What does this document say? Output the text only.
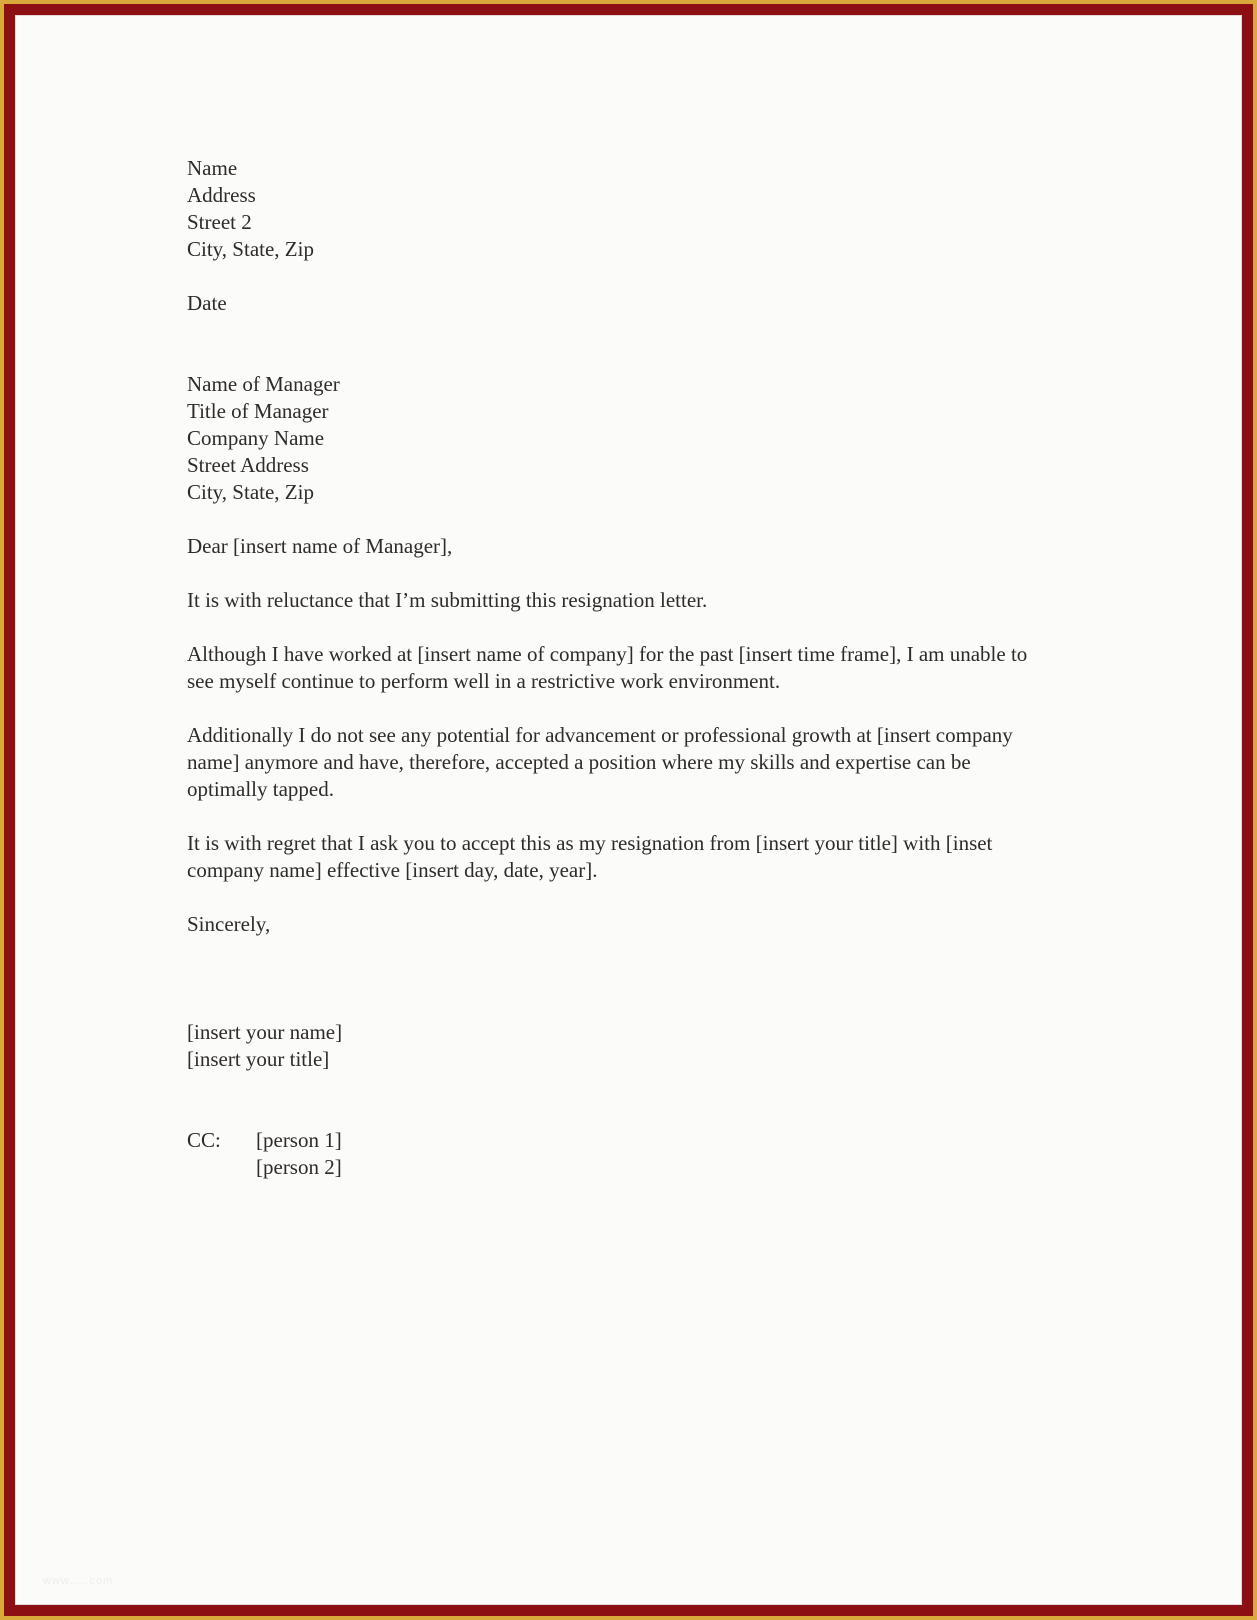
Name
Address
Street 2
City, State, Zip
Date
Name of Manager
Title of Manager
Company Name
Street Address
City, State, Zip

Dear [insert name of Manager],

It is with reluctance that I’m submitting this resignation letter.

Although I have worked at [insert name of company] for the past [insert time frame], I am unable to see myself continue to perform well in a restrictive work environment.

Additionally I do not see any potential for advancement or professional growth at [insert company name] anymore and have, therefore, accepted a position where my skills and expertise can be optimally tapped.

It is with regret that I ask you to accept this as my resignation from [insert your title] with [inset company name] effective [insert day, date, year].

Sincerely,

[insert your name]
[insert your title]
CC:	[person 1]
[person 2]
www.….com
